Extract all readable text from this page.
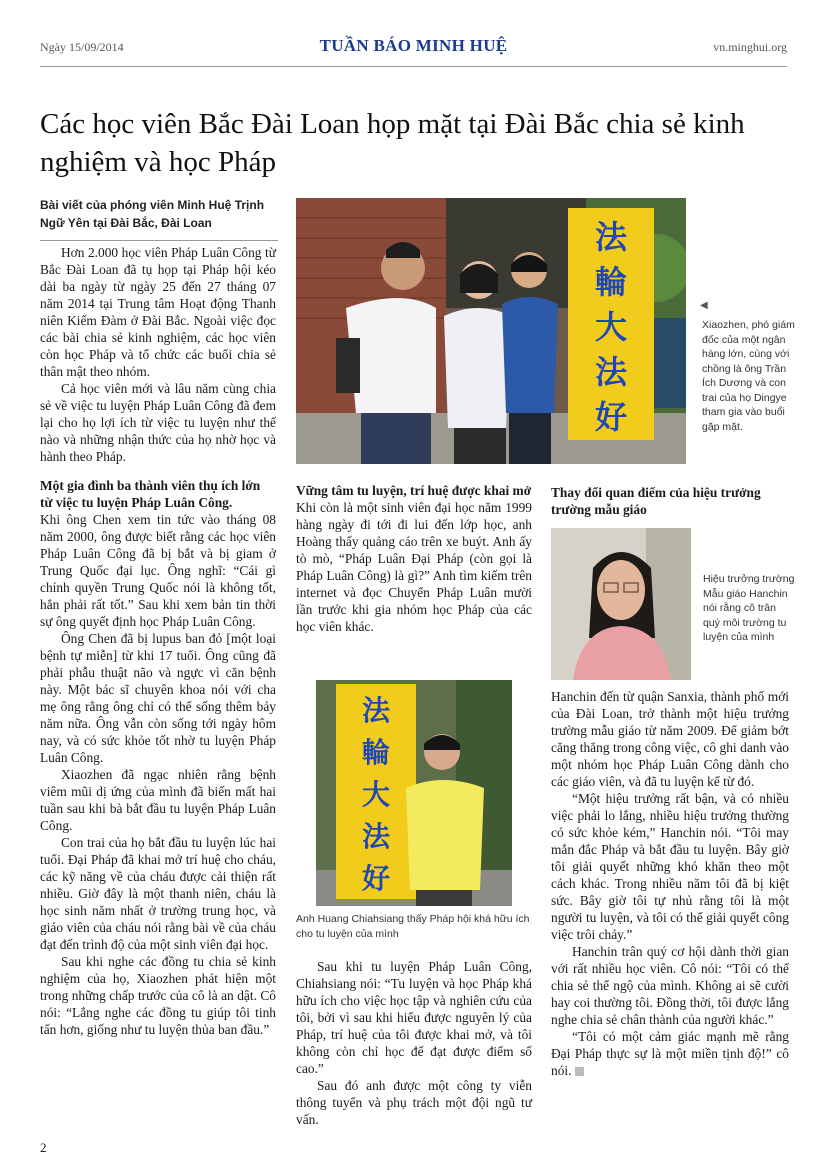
Ngày 15/09/2014	TUẦN BÁO MINH HUỆ	vn.minghui.org
Các học viên Bắc Đài Loan họp mặt tại Đài Bắc chia sẻ kinh nghiệm và học Pháp
Bài viết của phóng viên Minh Huệ Trịnh Ngữ Yên tại Đài Bắc, Đài Loan

Hơn 2.000 học viên Pháp Luân Công từ Bắc Đài Loan đã tụ họp tại Pháp hội kéo dài ba ngày từ ngày 25 đến 27 tháng 07 năm 2014 tại Trung tâm Hoạt động Thanh niên Kiếm Đàm ở Đài Bắc. Ngoài việc đọc các bài chia sẻ kinh nghiệm, các học viên còn học Pháp và tổ chức các buổi chia sẻ thân mật theo nhóm.

Cả học viên mới và lâu năm cùng chia sẻ về việc tu luyện Pháp Luân Công đã đem lại cho họ lợi ích từ việc tu luyện như thế nào và những nhận thức của họ nhờ học và hành theo Pháp.

Một gia đình ba thành viên thụ ích lớn từ việc tu luyện Pháp Luân Công.

Khi ông Chen xem tin tức vào tháng 08 năm 2000, ông được biết rằng các học viên Pháp Luân Công đã bị bắt và bị giam ở Trung Quốc đại lục. Ông nghĩ: “Cái gì chính quyền Trung Quốc nói là không tốt, hẳn phải rất tốt.” Sau khi xem bản tin thời sự ông quyết định học Pháp Luân Công.

Ông Chen đã bị lupus ban đỏ [một loại bệnh tự miễn] từ khi 17 tuổi. Ông cũng đã phải phẫu thuật não và ngực vì căn bệnh này. Một bác sĩ chuyên khoa nói với cha mẹ ông rằng ông chỉ có thể sống thêm bảy năm nữa. Ông vẫn còn sống tới ngày hôm nay, và có sức khỏe tốt nhờ tu luyện Pháp Luân Công.

Xiaozhen đã ngạc nhiên rằng bệnh viêm mũi dị ứng của mình đã biến mất hai tuần sau khi bà bắt đầu tu luyện Pháp Luân Công.

Con trai của họ bắt đầu tu luyện lúc hai tuổi. Đại Pháp đã khai mở trí huệ cho cháu, các kỹ năng về của cháu được cải thiện rất nhiều. Giờ đây là một thanh niên, cháu là học sinh năm nhất ở trường trung học, và giáo viên của cháu nói rằng bài về của cháu đạt đến trình độ của một sinh viên đại học.

Sau khi nghe các đồng tu chia sẻ kinh nghiệm của họ, Xiaozhen phát hiện một trong những chấp trước của cô là an dật. Cô nói: “Lắng nghe các đồng tu giúp tôi tinh tấn hơn, giống như tu luyện thủa ban đầu.”

法
輪
大
法
好
◀
Xiaozhen, phó giám đốc của một ngân hàng lớn, cùng với chồng là ông Trần Ích Dương và con trai của họ Dingye tham gia vào buổi gặp mặt.
Vững tâm tu luyện, trí huệ được khai mở

Khi còn là một sinh viên đại học năm 1999 hàng ngày đi tới đi lui đến lớp học, anh Hoàng thấy quảng cáo trên xe buýt. Anh ấy tò mò, “Pháp Luân Đại Pháp (còn gọi là Pháp Luân Công) là gì?” Anh tìm kiếm trên internet và đọc Chuyển Pháp Luân mười lần trước khi gia nhóm học Pháp của các học viên khác.

法
輪
大
法
好
Anh Huang Chiahsiang thấy Pháp hội khá hữu ích cho tu luyện của mình

Sau khi tu luyện Pháp Luân Công, Chiahsiang nói: “Tu luyện và học Pháp khá hữu ích cho việc học tập và nghiên cứu của tôi, bởi vì sau khi hiểu được nguyên lý của Pháp, trí huệ của tôi được khai mở, và tôi không còn chỉ học để đạt được điểm số cao.”

Sau đó anh được một công ty viễn thông tuyển và phụ trách một đội ngũ tư vấn.

Thay đổi quan điểm của hiệu trưởng trường mẫu giáo
Hiệu trưởng trường Mẫu giáo Hanchin nói rằng cô trân quý môi trường tu luyện của mình

Hanchin đến từ quận Sanxia, thành phố mới của Đài Loan, trở thành một hiệu trưởng trường mẫu giáo từ năm 2009. Để giảm bớt căng thẳng trong công việc, cô ghi danh vào một nhóm học Pháp Luân Công dành cho các giáo viên, và đã tu luyện kể từ đó.

“Một hiệu trưởng rất bận, và có nhiều việc phải lo lắng, nhiều hiệu trưởng thường có sức khỏe kém,” Hanchin nói. “Tôi may mắn đắc Pháp và bắt đầu tu luyện. Bây giờ tôi giải quyết những khó khăn theo một cách khác. Trong nhiều năm tôi đã bị kiệt sức. Bây giờ tôi tự nhủ rằng tôi là một người tu luyện, và tôi có thể giải quyết công việc trôi chảy.”

Hanchin trân quý cơ hội dành thời gian với rất nhiều học viên. Cô nói: “Tôi có thể chia sẻ thể ngộ của mình. Không ai sẽ cười hay coi thường tôi. Đồng thời, tôi được lắng nghe chia sẻ chân thành của người khác.”

“Tôi có một cảm giác mạnh mẽ rằng Đại Pháp thực sự là một miền tịnh độ!” cô nói.

2
